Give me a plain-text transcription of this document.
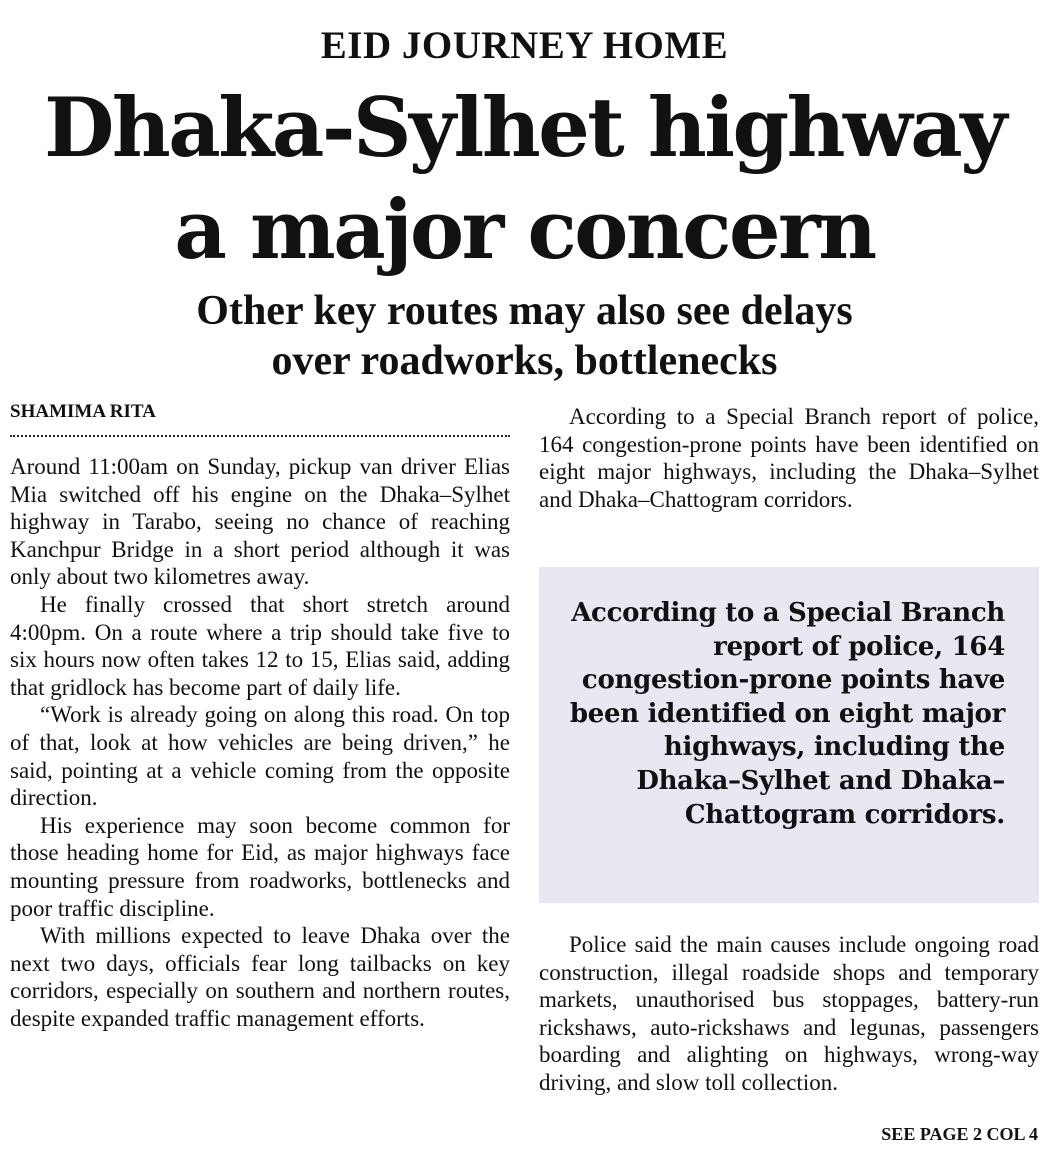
EID JOURNEY HOME
Dhaka-Sylhet highway
a major concern
Other key routes may also see delays
over roadworks, bottlenecks
SHAMIMA RITA

Around 11:00am on Sunday, pickup van driver Elias Mia switched off his engine on the Dhaka–Sylhet highway in Tarabo, seeing no chance of reaching Kanchpur Bridge in a short period although it was only about two kilometres away.

He finally crossed that short stretch around 4:00pm. On a route where a trip should take five to six hours now often takes 12 to 15, Elias said, adding that gridlock has become part of daily life.

“Work is already going on along this road. On top of that, look at how vehicles are being driven,” he said, pointing at a vehicle coming from the opposite direction.

His experience may soon become common for those heading home for Eid, as major highways face mounting pressure from roadworks, bottlenecks and poor traffic discipline.

With millions expected to leave Dhaka over the next two days, officials fear long tailbacks on key corridors, especially on southern and northern routes, despite expanded traffic management efforts.

According to a Special Branch report of police, 164 congestion-prone points have been identified on eight major highways, including the Dhaka–Sylhet and Dhaka–Chattogram corridors.

According to a Special Branch report of police, 164 congestion-prone points have been identified on eight major highways, including the Dhaka–Sylhet and Dhaka–Chattogram corridors.

Police said the main causes include ongoing road construction, illegal roadside shops and temporary markets, unauthorised bus stoppages, battery-run rickshaws, auto-rickshaws and legunas, passengers boarding and alighting on highways, wrong-way driving, and slow toll collection.

SEE PAGE 2 COL 4
